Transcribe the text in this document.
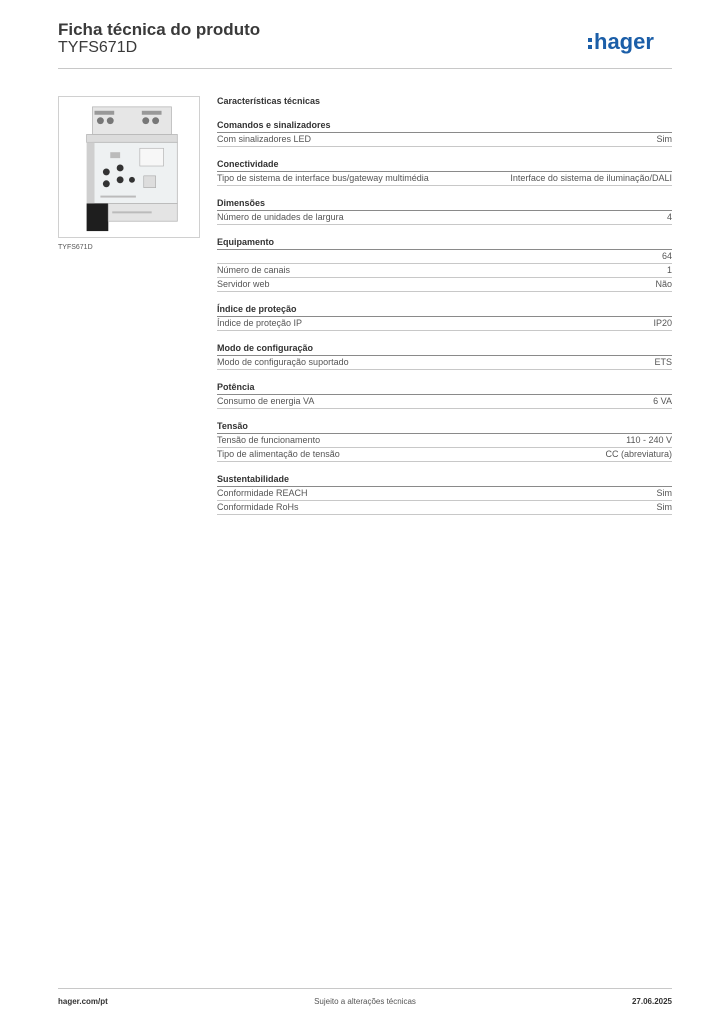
Ficha técnica do produto
TYFS671D	hager
TYFS671D
Características técnicas
Comandos e sinalizadores
Com sinalizadores LED	Sim
Conectividade
Tipo de sistema de interface bus/gateway multimédia	Interface do sistema de iluminação/DALI
Dimensões
Número de unidades de largura	4
Equipamento
64
Número de canais	1
Servidor web	Não
Índice de proteção
Índice de proteção IP	IP20
Modo de configuração
Modo de configuração suportado	ETS
Potência
Consumo de energia VA	6 VA
Tensão
Tensão de funcionamento	110 - 240 V
Tipo de alimentação de tensão	CC (abreviatura)
Sustentabilidade
Conformidade REACH	Sim
Conformidade RoHs	Sim
hager.com/pt	Sujeito a alterações técnicas	27.06.2025
